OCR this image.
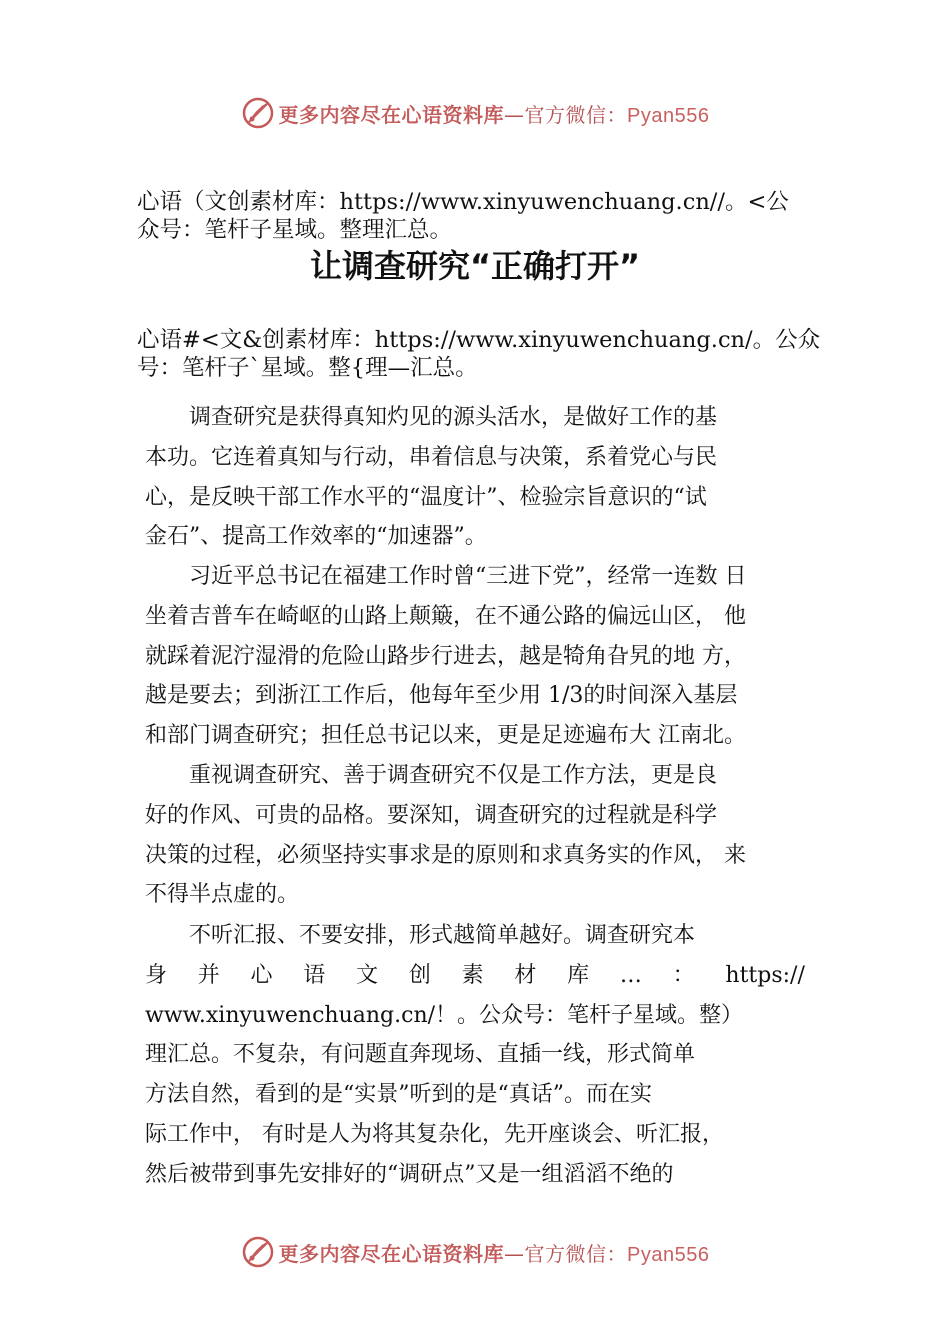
更多内容尽在心语资料库—官方微信：Pyan556
心语（文创素材库：https://www.xinyuwenchuang.cn//。<公
众号：笔杆子星域。整理汇总。
让调查研究“正确打开”
心语#<文&创素材库：https://www.xinyuwenchuang.cn/。公众
号：笔杆子`星域。整{理—汇总。
　　调查研究是获得真知灼见的源头活水，是做好工作的基
本功。它连着真知与行动，串着信息与决策，系着党心与民
心，是反映干部工作水平的“温度计”、检验宗旨意识的“试
金石”、提高工作效率的“加速器”。
　　习近平总书记在福建工作时曾“三进下党”，经常一连数 日
坐着吉普车在崎岖的山路上颠簸，在不通公路的偏远山区， 他
就踩着泥泞湿滑的危险山路步行进去，越是犄角旮旯的地 方，
越是要去；到浙江工作后，他每年至少用 1/3的时间深入基层
和部门调查研究；担任总书记以来，更是足迹遍布大 江南北。
　　重视调查研究、善于调查研究不仅是工作方法，更是良
好的作风、可贵的品格。要深知，调查研究的过程就是科学
决策的过程，必须坚持实事求是的原则和求真务实的作风， 来
不得半点虚的。
　　不听汇报、不要安排，形式越简单越好。调查研究本
身 并 心 语 文 创 素 材 库 … ： https://
www.xinyuwenchuang.cn/！。公众号：笔杆子星域。整）
理汇总。不复杂，有问题直奔现场、直插一线，形式简单
方法自然，看到的是“实景”听到的是“真话”。而在实
际工作中， 有时是人为将其复杂化，先开座谈会、听汇报，
然后被带到事先安排好的“调研点”又是一组滔滔不绝的
更多内容尽在心语资料库—官方微信：Pyan556
